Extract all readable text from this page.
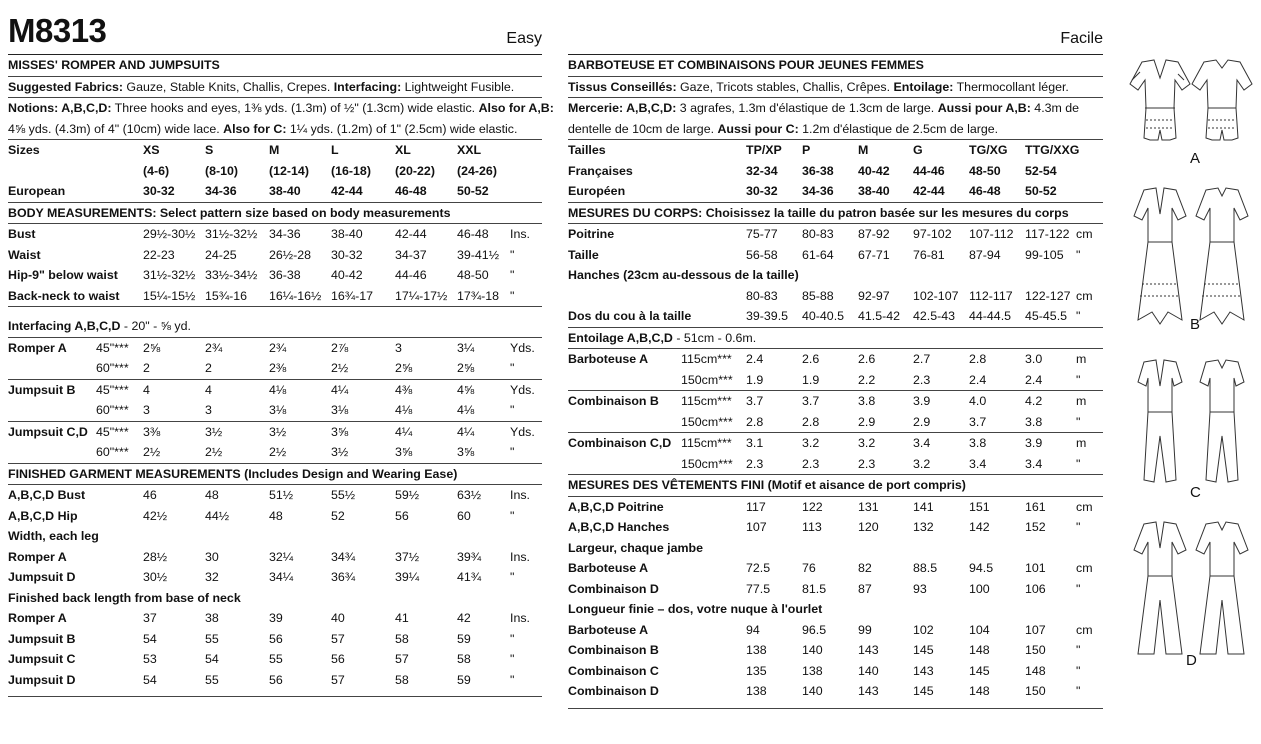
M8313	Easy
MISSES' ROMPER AND JUMPSUITS
Suggested Fabrics: Gauze, Stable Knits, Challis, Crepes. Interfacing: Lightweight Fusible.
Notions: A,B,C,D: Three hooks and eyes, 1⅜ yds. (1.3m) of ½" (1.3cm) wide elastic. Also for A,B:
4⅝ yds. (4.3m) of 4" (10cm) wide lace. Also for C: 1¼ yds. (1.2m) of 1" (2.5cm) wide elastic.
Sizes	XS	S	M	L	XL	XXL
(4-6)	(8-10) (12-14) (16-18) (20-22) (24-26)
European	30-32 34-36	38-40 42-44	46-48 50-52
BODY MEASUREMENTS: Select pattern size based on body measurements
Bust	29½-30½ 31½-32½ 34-36 38-40	42-44 46-48 Ins.
Waist	22-23 24-25	26½-28 30-32	34-37 39-41½ "
Hip-9" below waist 31½-32½ 33½-34½ 36-38 40-42	44-46 48-50 "
Back-neck to waist 15¼-15½ 15¾-16 16¼-16½ 16¾-17 17¼-17½ 17¾-18 "
Interfacing A,B,C,D - 20" - ⅝ yd.
Romper A 45"*** 2⅝	2¾	2¾	2⅞	3	3¼	Yds.
60"*** 2	2	2⅜	2½	2⅝	2⅝	"
Jumpsuit B 45"*** 4	4	4⅛	4¼	4⅜	4⅝	Yds.
60"*** 3	3	3⅛	3⅛	4⅛	4⅛	"
Jumpsuit C,D 45"*** 3⅜	3½	3½	3⅝	4¼	4¼	Yds.
60"*** 2½	2½	2½	3½	3⅝	3⅝	"
FINISHED GARMENT MEASUREMENTS (Includes Design and Wearing Ease)
A,B,C,D Bust	46	48	51½	55½	59½	63½ Ins.
A,B,C,D Hip	42½	44½	48	52	56	60	"
Width, each leg
Romper A	28½	30	32¼	34¾	37½	39¾ Ins.
Jumpsuit D	30½	32	34¼	36¾	39¼	41¾ "
Finished back length from base of neck
Romper A	37	38	39	40	41	42	Ins.
Jumpsuit B	54	55	56	57	58	59	"
Jumpsuit C	53	54	55	56	57	58	"
Jumpsuit D	54	55	56	57	58	59	"
Facile
BARBOTEUSE ET COMBINAISONS POUR JEUNES FEMMES
Tissus Conseillés: Gaze, Tricots stables, Challis, Crêpes. Entoilage: Thermocollant léger.
Mercerie: A,B,C,D: 3 agrafes, 1.3m d'élastique de 1.3cm de large. Aussi pour A,B: 4.3m de
dentelle de 10cm de large. Aussi pour C: 1.2m d'élastique de 2.5cm de large.
Tailles	TP/XP P	M	G	TG/XG TTG/XXG
Françaises	32-34 36-38 40-42 44-46 48-50 52-54
Européen	30-32 34-36 38-40 42-44 46-48 50-52
MESURES DU CORPS: Choisissez la taille du patron basée sur les mesures du corps
Poitrine	75-77 80-83 87-92 97-102 107-112 117-122 cm
Taille	56-58 61-64 67-71 76-81 87-94 99-105 "
Hanches (23cm au-dessous de la taille)
80-83 85-88 92-97 102-107 112-117 122-127 cm
Dos du cou à la taille	39-39.5 40-40.5 41.5-42 42.5-43 44-44.5 45-45.5 "
Entoilage A,B,C,D - 51cm - 0.6m.
Barboteuse A	115cm*** 2.4	2.6	2.6	2.7	2.8	3.0	m
150cm*** 1.9	1.9	2.2	2.3	2.4	2.4	"
Combinaison B 115cm*** 3.7	3.7	3.8	3.9	4.0	4.2	m
150cm*** 2.8	2.8	2.9	2.9	3.7	3.8	"
Combinaison C,D 115cm*** 3.1	3.2	3.2	3.4	3.8	3.9	m
150cm*** 2.3	2.3	2.3	3.2	3.4	3.4	"
MESURES DES VÊTEMENTS FINI (Motif et aisance de port compris)
A,B,C,D Poitrine	117	122	131	141	151	161 cm
A,B,C,D Hanches	107	113	120	132	142	152 "
Largeur, chaque jambe
Barboteuse A	72.5	76	82	88.5	94.5	101 cm
Combinaison D	77.5	81.5	87	93	100	106 "
Longueur finie – dos, votre nuque à l'ourlet
Barboteuse A	94	96.5	99	102	104	107 cm
Combinaison B	138	140	143	145	148	150 "
Combinaison C	135	138	140	143	145	148 "
Combinaison D	138	140	143	145	148	150 "
A
B
C
D
